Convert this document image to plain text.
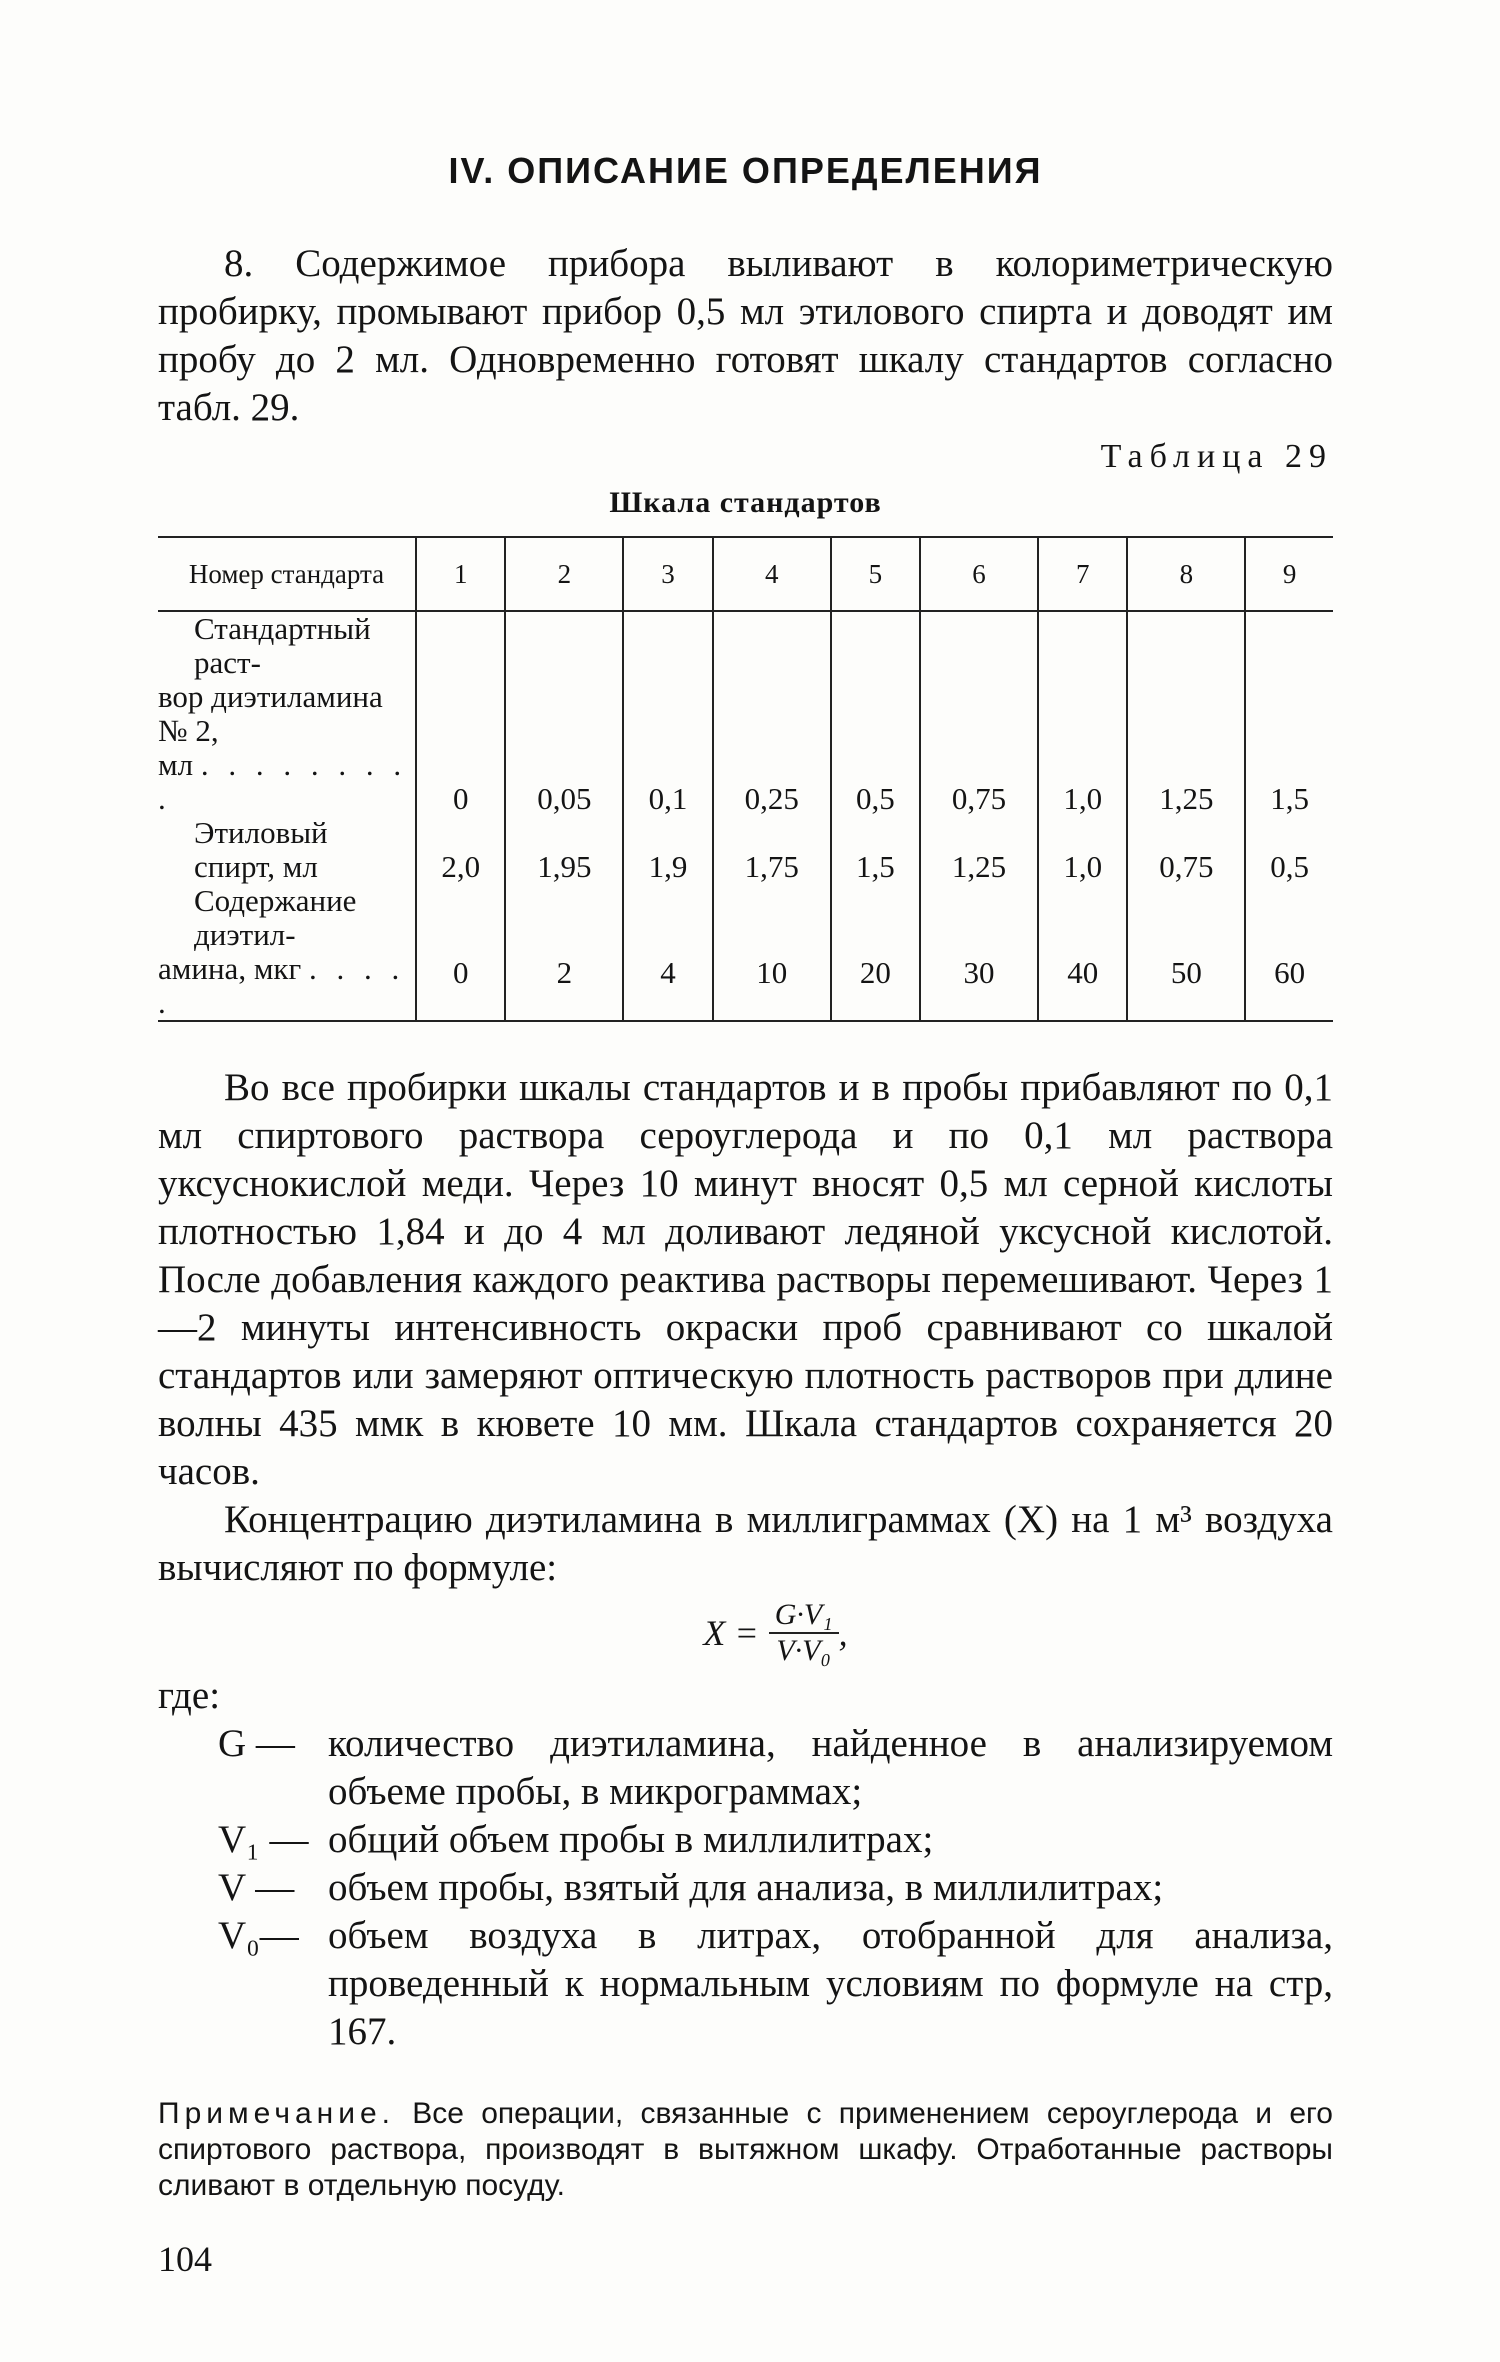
IV. ОПИСАНИЕ ОПРЕДЕЛЕНИЯ

8. Содержимое прибора выливают в колориметрическую пробирку, промывают прибор 0,5 мл этилового спирта и доводят им пробу до 2 мл. Одновременно готовят шкалу стандартов согласно табл. 29.

Таблица 29
Шкала стандартов
Номер стандарта	1	2	3	4	5	6	7	8	9

Стандартный раст-
вор диэтиламина № 2,
мл . . . . . . . . .	0	0,05	0,1	0,25	0,5	0,75	1,0	1,25	1,5

Этиловый спирт, мл	2,0	1,95	1,9	1,75	1,5	1,25	1,0	0,75	0,5

Содержание диэтил-
амина, мкг . . . . .	0	2	4	10	20	30	40	50	60

Во все пробирки шкалы стандартов и в пробы прибавляют по 0,1 мл спиртового раствора сероуглерода и по 0,1 мл раствора уксуснокислой меди. Через 10 минут вносят 0,5 мл серной кислоты плотностью 1,84 и до 4 мл доливают ледяной уксусной кислотой. После добавления каждого реактива растворы перемешивают. Через 1—2 минуты интенсивность окраски проб сравнивают со шкалой стандартов или замеряют оптическую плотность растворов при длине волны 435 ммк в кювете 10 мм. Шкала стандартов сохраняется 20 часов.

Концентрацию диэтиламина в миллиграммах (X) на 1 м³ воздуха вычисляют по формуле:

$X = \frac{\text{G·V₁}}{\text{V·V₀}}$ ,
где:
G — количество диэтиламина, найденное в анализируемом объеме пробы, в микрограммах;
V₁ — общий объем пробы в миллилитрах;
V — объем пробы, взятый для анализа, в миллилитрах;
V₀— объем воздуха в литрах, отобранной для анализа, проведенный к нормальным условиям по формуле на стр, 167.

Примечание. Все операции, связанные с применением сероуглерода и его спиртового раствора, производят в вытяжном шкафу. Отработанные растворы сливают в отдельную посуду.

104
